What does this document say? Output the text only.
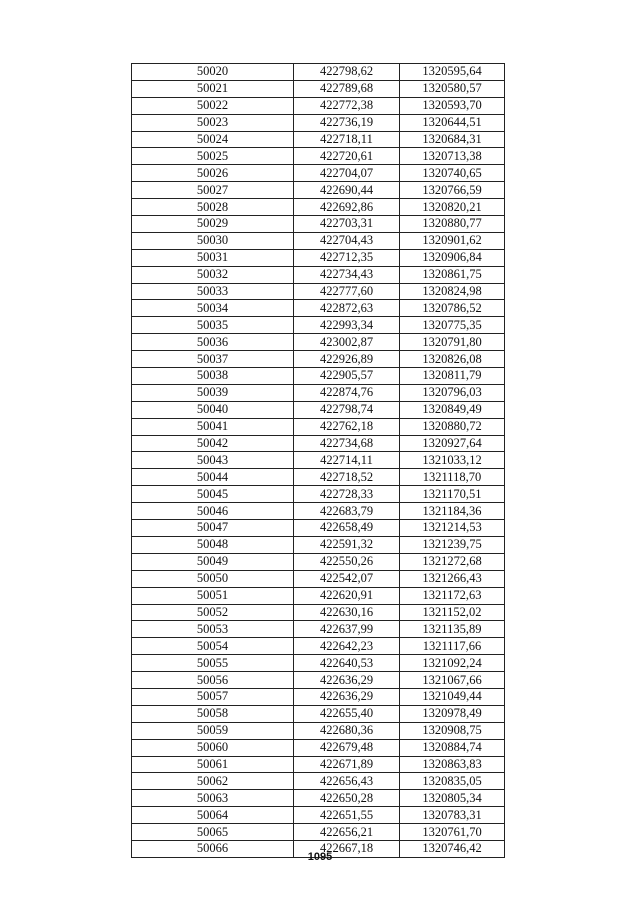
50020	422798,62	1320595,64
50021	422789,68	1320580,57
50022	422772,38	1320593,70
50023	422736,19	1320644,51
50024	422718,11	1320684,31
50025	422720,61	1320713,38
50026	422704,07	1320740,65
50027	422690,44	1320766,59
50028	422692,86	1320820,21
50029	422703,31	1320880,77
50030	422704,43	1320901,62
50031	422712,35	1320906,84
50032	422734,43	1320861,75
50033	422777,60	1320824,98
50034	422872,63	1320786,52
50035	422993,34	1320775,35
50036	423002,87	1320791,80
50037	422926,89	1320826,08
50038	422905,57	1320811,79
50039	422874,76	1320796,03
50040	422798,74	1320849,49
50041	422762,18	1320880,72
50042	422734,68	1320927,64
50043	422714,11	1321033,12
50044	422718,52	1321118,70
50045	422728,33	1321170,51
50046	422683,79	1321184,36
50047	422658,49	1321214,53
50048	422591,32	1321239,75
50049	422550,26	1321272,68
50050	422542,07	1321266,43
50051	422620,91	1321172,63
50052	422630,16	1321152,02
50053	422637,99	1321135,89
50054	422642,23	1321117,66
50055	422640,53	1321092,24
50056	422636,29	1321067,66
50057	422636,29	1321049,44
50058	422655,40	1320978,49
50059	422680,36	1320908,75
50060	422679,48	1320884,74
50061	422671,89	1320863,83
50062	422656,43	1320835,05
50063	422650,28	1320805,34
50064	422651,55	1320783,31
50065	422656,21	1320761,70
50066	422667,18	1320746,42
1095
